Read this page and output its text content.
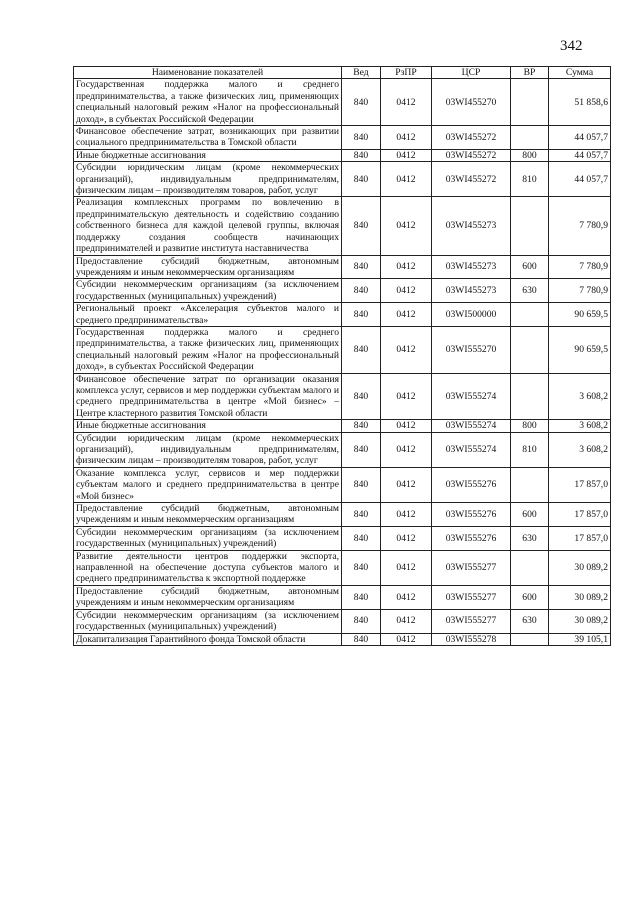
342
Наименование показателей	Вед	РзПР	ЦСР	ВР	Сумма
Государственная поддержка малого и среднего предпринимательства, а также физических лиц, применяющих специальный налоговый режим «Налог на профессиональный доход», в субъектах Российской Федерации	840	0412	03WI455270		51 858,6
Финансовое обеспечение затрат, возникающих при развитии социального предпринимательства в Томской области	840	0412	03WI455272		44 057,7
Иные бюджетные ассигнования	840	0412	03WI455272	800	44 057,7
Субсидии юридическим лицам (кроме некоммерческих организаций), индивидуальным предпринимателям, физическим лицам – производителям товаров, работ, услуг	840	0412	03WI455272	810	44 057,7
Реализация комплексных программ по вовлечению в предпринимательскую деятельность и содействию созданию собственного бизнеса для каждой целевой группы, включая поддержку создания сообществ начинающих предпринимателей и развитие института наставничества	840	0412	03WI455273		7 780,9
Предоставление субсидий бюджетным, автономным учреждениям и иным некоммерческим организациям	840	0412	03WI455273	600	7 780,9
Субсидии некоммерческим организациям (за исключением государственных (муниципальных) учреждений)	840	0412	03WI455273	630	7 780,9
Региональный проект «Акселерация субъектов малого и среднего предпринимательства»	840	0412	03WI500000		90 659,5
Государственная поддержка малого и среднего предпринимательства, а также физических лиц, применяющих специальный налоговый режим «Налог на профессиональный доход», в субъектах Российской Федерации	840	0412	03WI555270		90 659,5
Финансовое обеспечение затрат по организации оказания комплекса услуг, сервисов и мер поддержки субъектам малого и среднего предпринимательства в центре «Мой бизнес» – Центре кластерного развития Томской области	840	0412	03WI555274		3 608,2
Иные бюджетные ассигнования	840	0412	03WI555274	800	3 608,2
Субсидии юридическим лицам (кроме некоммерческих организаций), индивидуальным предпринимателям, физическим лицам – производителям товаров, работ, услуг	840	0412	03WI555274	810	3 608,2
Оказание комплекса услуг, сервисов и мер поддержки субъектам малого и среднего предпринимательства в центре «Мой бизнес»	840	0412	03WI555276		17 857,0
Предоставление субсидий бюджетным, автономным учреждениям и иным некоммерческим организациям	840	0412	03WI555276	600	17 857,0
Субсидии некоммерческим организациям (за исключением государственных (муниципальных) учреждений)	840	0412	03WI555276	630	17 857,0
Развитие деятельности центров поддержки экспорта, направленной на обеспечение доступа субъектов малого и среднего предпринимательства к экспортной поддержке	840	0412	03WI555277		30 089,2
Предоставление субсидий бюджетным, автономным учреждениям и иным некоммерческим организациям	840	0412	03WI555277	600	30 089,2
Субсидии некоммерческим организациям (за исключением государственных (муниципальных) учреждений)	840	0412	03WI555277	630	30 089,2
Докапитализация Гарантийного фонда Томской области	840	0412	03WI555278		39 105,1
